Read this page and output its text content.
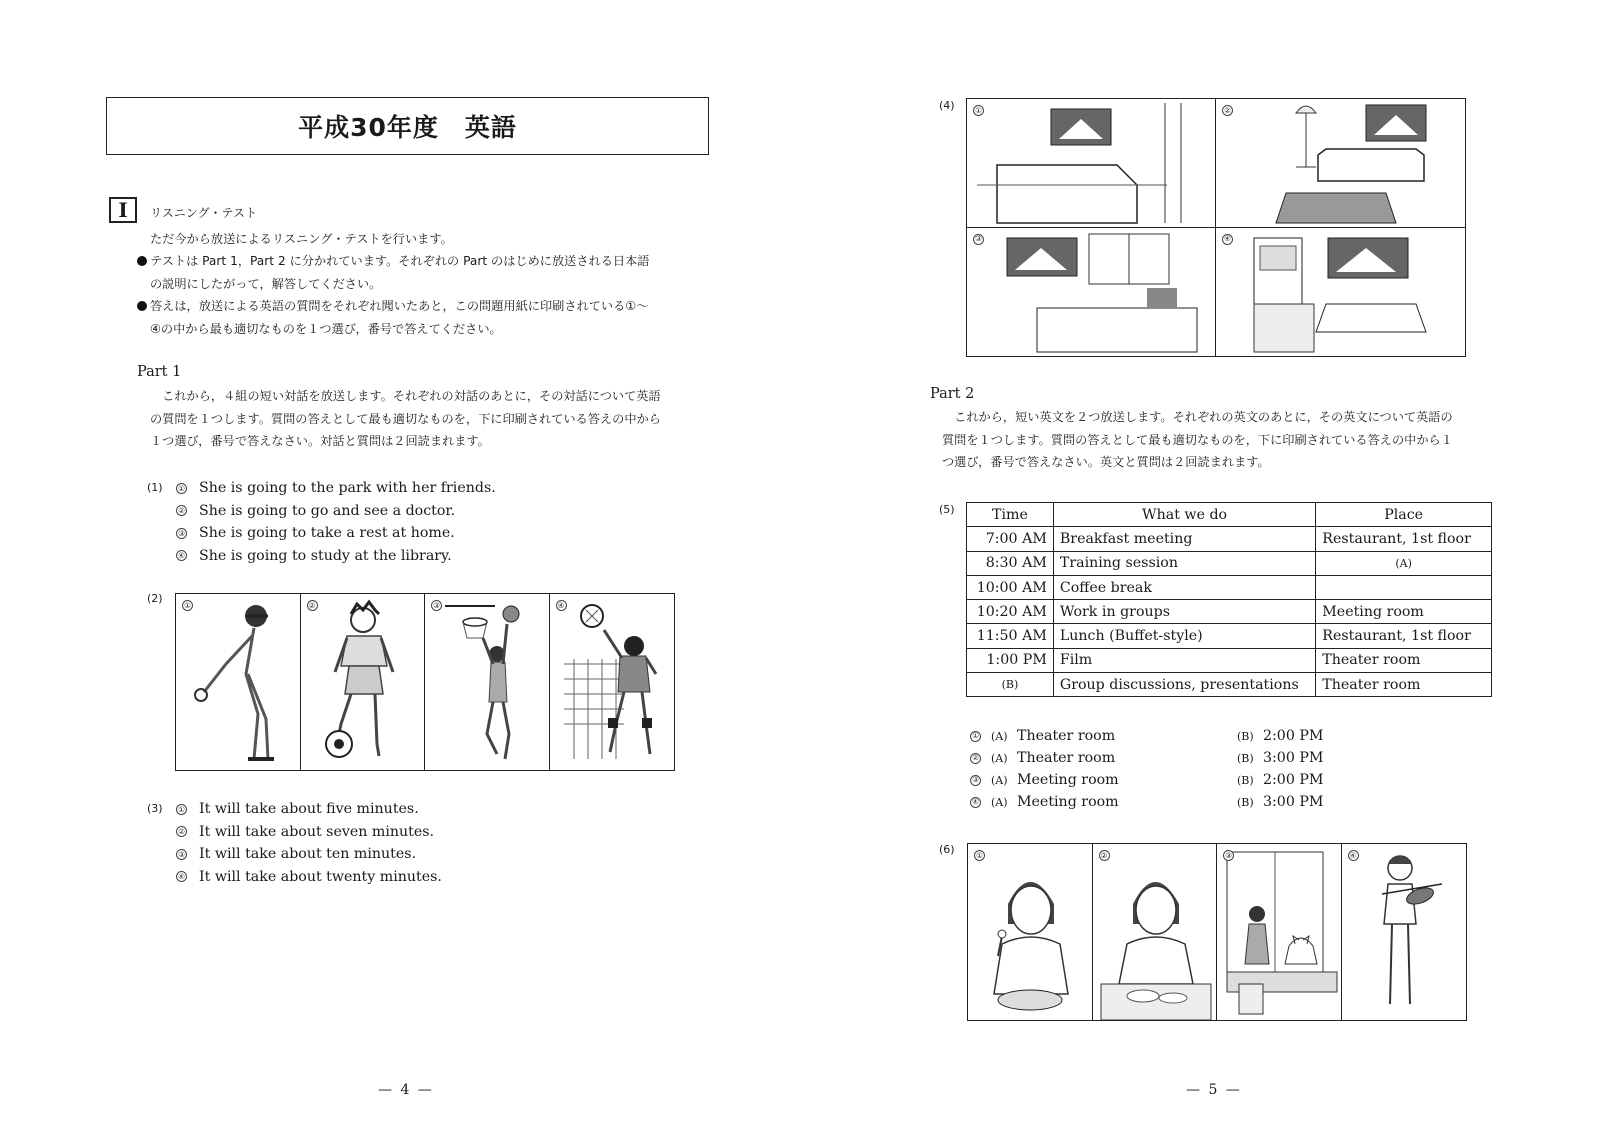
平成30年度　英語
I リスニング・テスト
ただ今から放送によるリスニング・テストを行います。
テストは Part 1，Part 2 に分かれています。それぞれの Part のはじめに放送される日本語
の説明にしたがって，解答してください。
答えは，放送による英語の質問をそれぞれ聞いたあと，この問題用紙に印刷されている①～
④の中から最も適切なものを１つ選び，番号で答えてください。
Part 1
　これから，４組の短い対話を放送します。それぞれの対話のあとに，その対話について英語
の質問を１つします。質問の答えとして最も適切なものを，下に印刷されている答えの中から
１つ選び，番号で答えなさい。対話と質問は２回読まれます。
(1) ① She is going to the park with her friends.
② She is going to go and see a doctor.
③ She is going to take a rest at home.
④ She is going to study at the library.
(2)
①	②	③	④
(3) ① It will take about five minutes.
② It will take about seven minutes.
③ It will take about ten minutes.
④ It will take about twenty minutes.
— 4 —
(4)	①	②
③	④
Part 2
　これから，短い英文を２つ放送します。それぞれの英文のあとに，その英文について英語の
質問を１つします。質問の答えとして最も適切なものを，下に印刷されている答えの中から１
つ選び，番号で答えなさい。英文と質問は２回読まれます。
(5)	Time	What we do	Place
7:00 AM	Breakfast meeting	Restaurant, 1st floor
8:30 AM	Training session	(A)
10:00 AM	Coffee break	
10:20 AM	Work in groups	Meeting room
11:50 AM	Lunch (Buffet-style)	Restaurant, 1st floor
1:00 PM	Film	Theater room
(B)	Group discussions, presentations	Theater room
① (A) Theater room	(B) 2:00 PM
② (A) Theater room	(B) 3:00 PM
③ (A) Meeting room	(B) 2:00 PM
④ (A) Meeting room	(B) 3:00 PM
(6)	①	②	③	④
— 5 —
